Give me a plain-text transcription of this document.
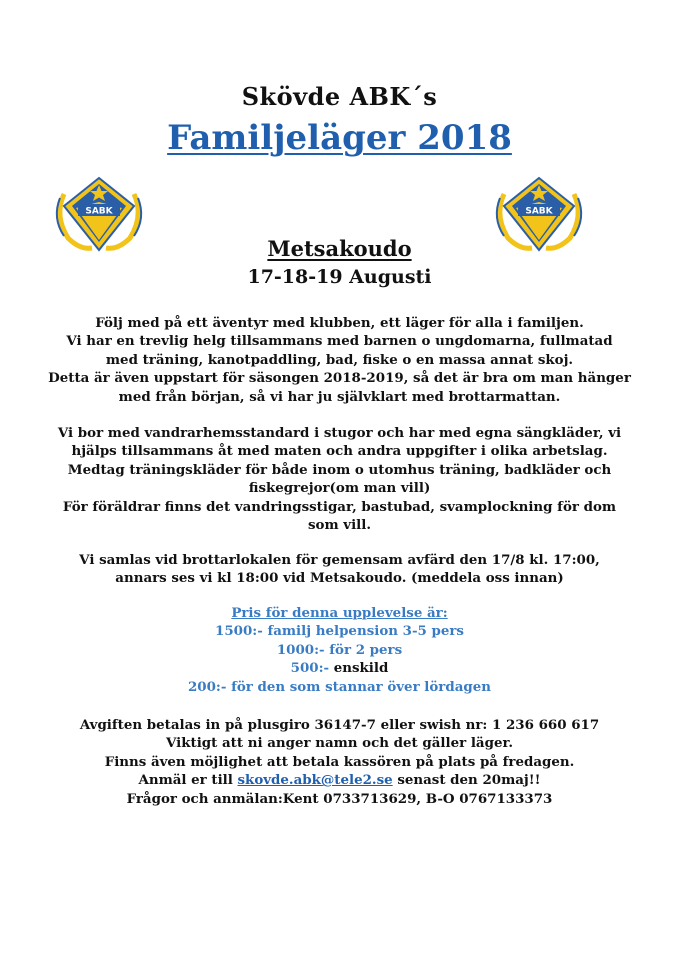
Skövde ABK´s
Familjeläger 2018
SABK	SABK
Metsakoudo
17-18-19 Augusti
Följ med på ett äventyr med klubben, ett läger för alla i familjen.
Vi har en trevlig helg tillsammans med barnen o ungdomarna, fullmatad
med träning, kanotpaddling, bad, fiske o en massa annat skoj.
Detta är även uppstart för säsongen 2018-2019, så det är bra om man hänger
med från början, så vi har ju självklart med brottarmattan.
Vi bor med vandrarhemsstandard i stugor och har med egna sängkläder, vi
hjälps tillsammans åt med maten och andra uppgifter i olika arbetslag.
Medtag träningskläder för både inom o utomhus träning, badkläder och
fiskegrejor(om man vill)
För föräldrar finns det vandringsstigar, bastubad, svamplockning för dom
som vill.
Vi samlas vid brottarlokalen för gemensam avfärd den 17/8 kl. 17:00,
annars ses vi kl 18:00 vid Metsakoudo. (meddela oss innan)
Pris för denna upplevelse är:
1500:- familj helpension 3-5 pers
1000:- för 2 pers
500:- enskild
200:- för den som stannar över lördagen
Avgiften betalas in på plusgiro 36147-7 eller swish nr: 1 236 660 617
Viktigt att ni anger namn och det gäller läger.
Finns även möjlighet att betala kassören på plats på fredagen.
Anmäl er till skovde.abk@tele2.se senast den 20maj!!
Frågor och anmälan:Kent 0733713629, B-O 0767133373
